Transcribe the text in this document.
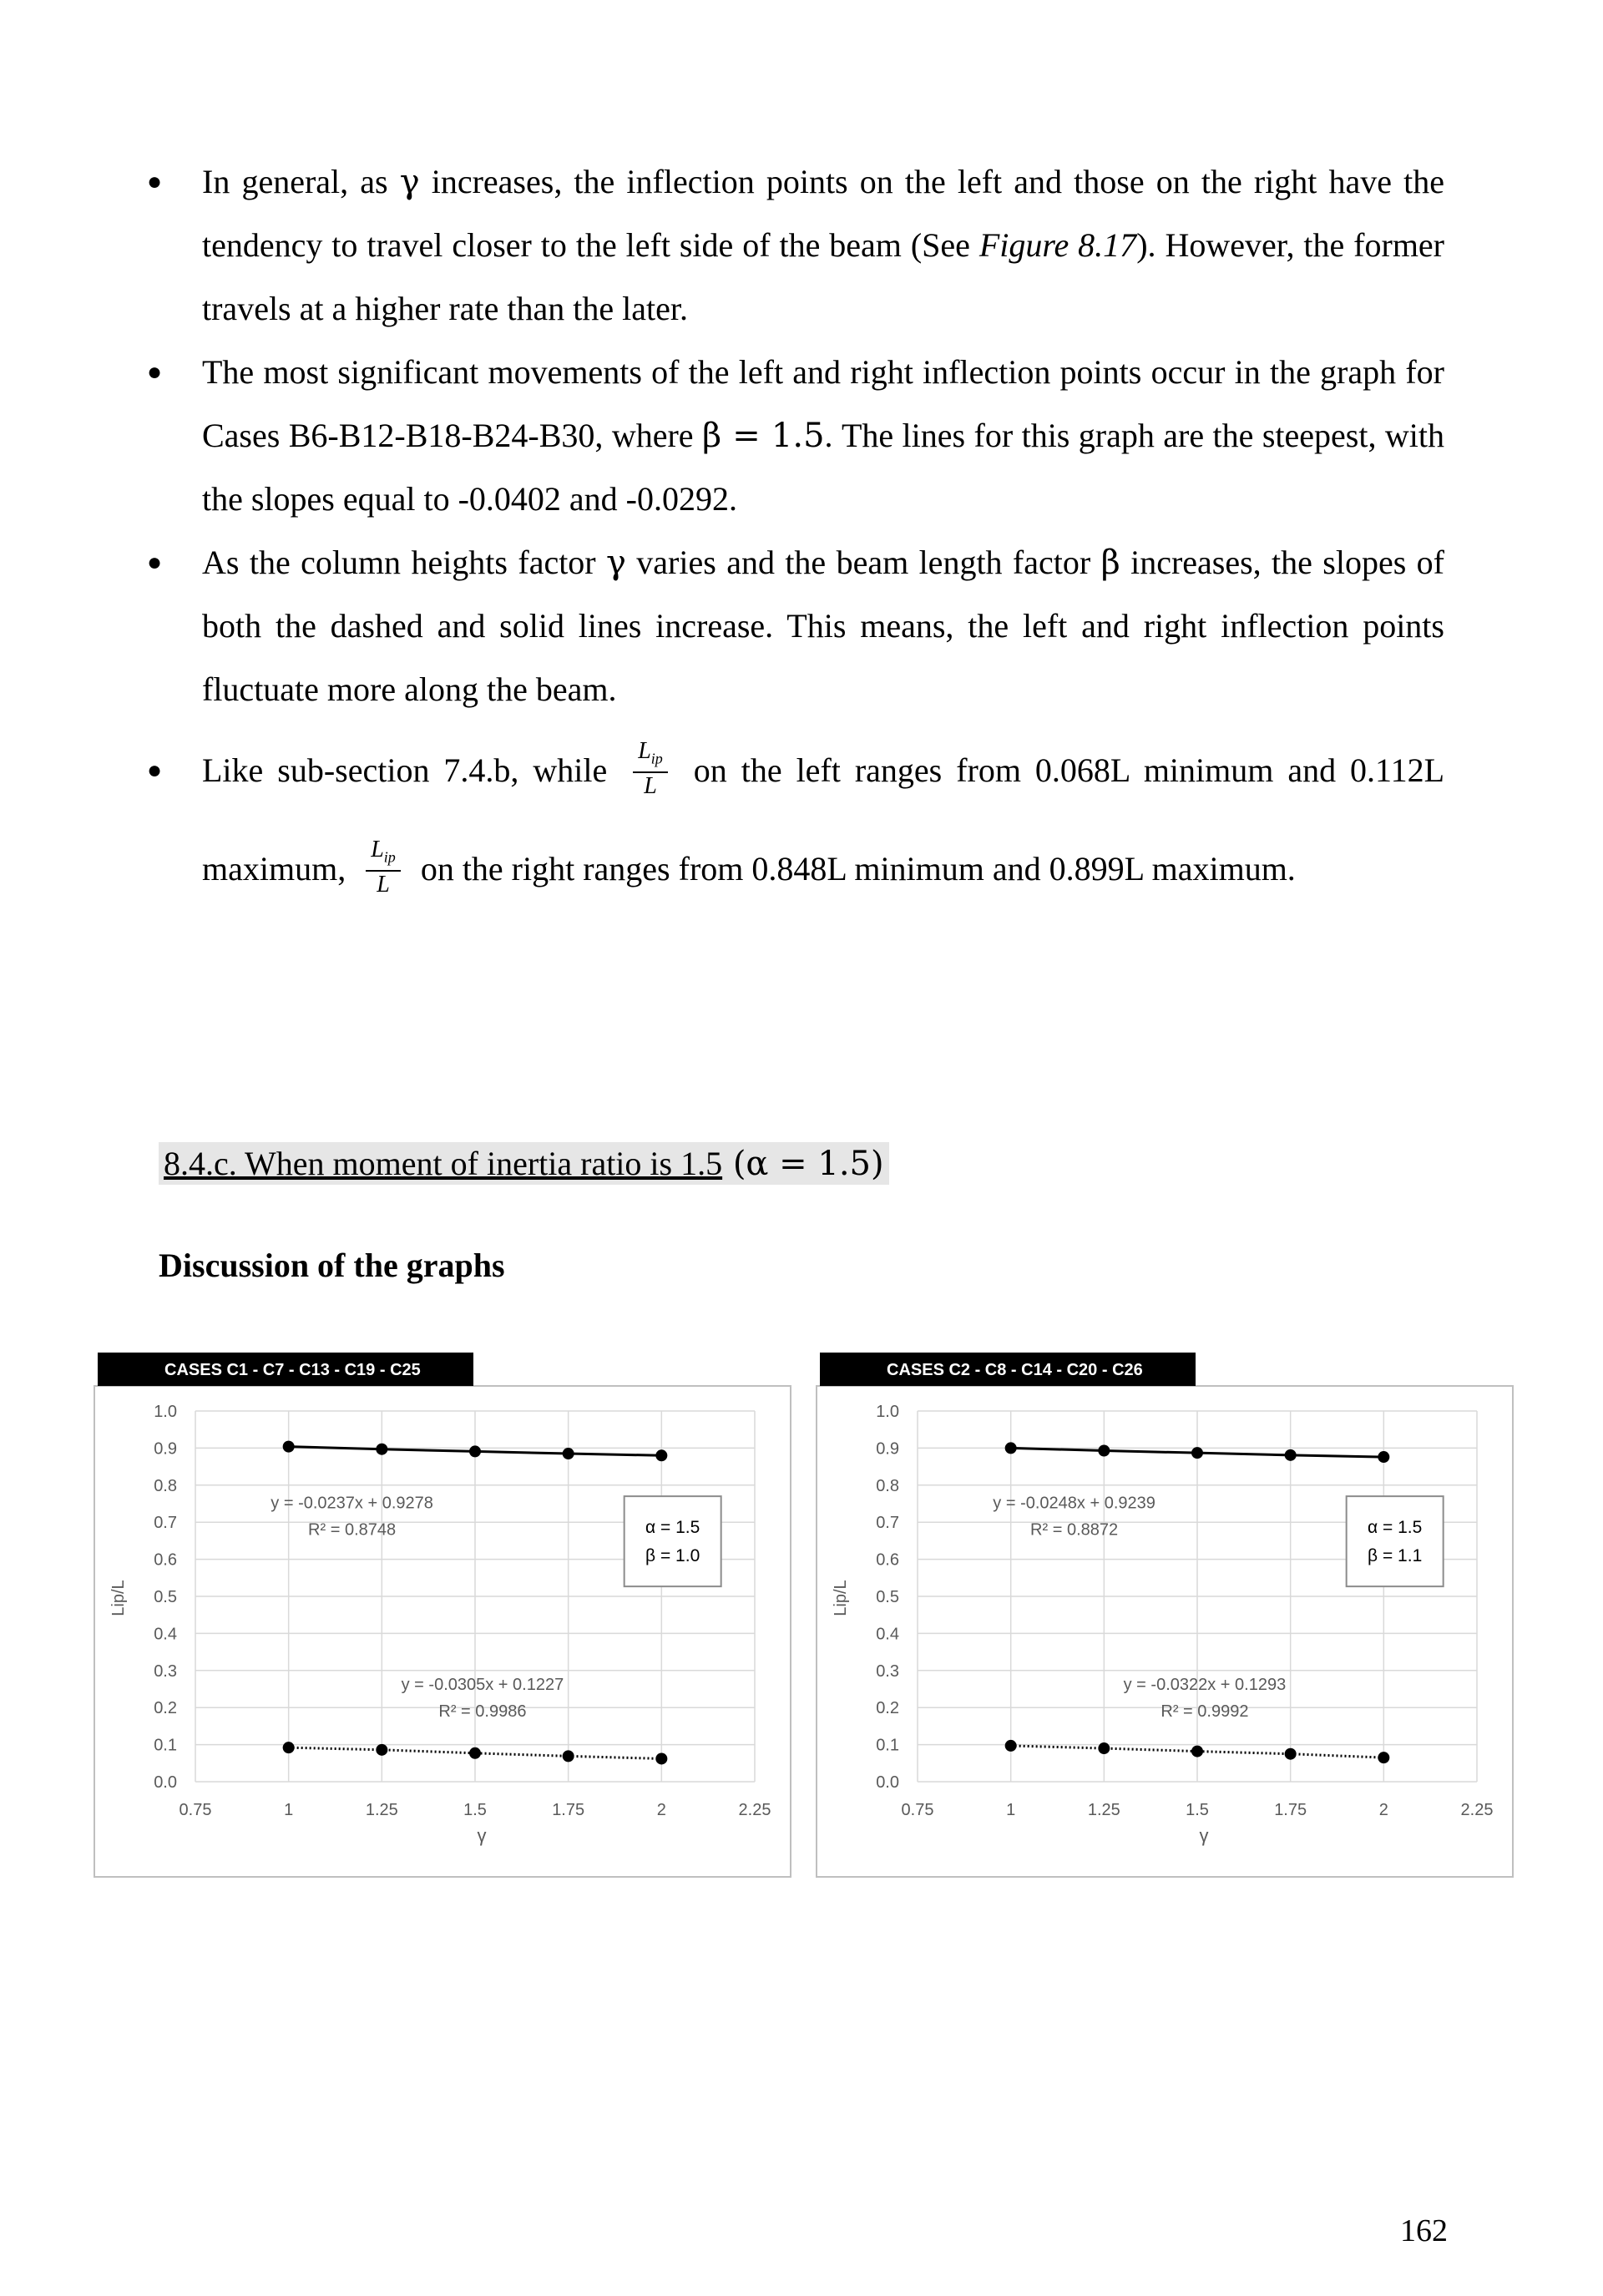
● In general, as γ increases, the inflection points on the left and those on the right have the tendency to travel closer to the left side of the beam (See Figure 8.17). However, the former travels at a higher rate than the later.
● The most significant movements of the left and right inflection points occur in the graph for Cases B6-B12-B18-B24-B30, where β = 1.5. The lines for this graph are the steepest, with the slopes equal to -0.0402 and -0.0292.
● As the column heights factor γ varies and the beam length factor β increases, the slopes of both the dashed and solid lines increase. This means, the left and right inflection points fluctuate more along the beam.
● Like sub-section 7.4.b, while $\frac{L_{ip}}{L}$ on the left ranges from 0.068L minimum and 0.112L maximum, $\frac{L_{ip}}{L}$ on the right ranges from 0.848L minimum and 0.899L maximum.
8.4.c. When moment of inertia ratio is 1.5 (α = 1.5)
Discussion of the graphs
CASES C1 - C7 - C13 - C19 - C25
0.0
0.1
0.2
0.3
0.4
0.5
0.6
0.7
0.8
0.9
1.0
0.75	1	1.25	1.5	1.75	2	2.25
γ
Lip/L
y = -0.0237x + 0.9278
R² = 0.8748
y = -0.0305x + 0.1227
R² = 0.9986
α = 1.5
β = 1.0
CASES C2 - C8 - C14 - C20 - C26
0.0
0.1
0.2
0.3
0.4
0.5
0.6
0.7
0.8
0.9
1.0
0.75	1	1.25	1.5	1.75	2	2.25
γ
Lip/L
y = -0.0248x + 0.9239
R² = 0.8872
y = -0.0322x + 0.1293
R² = 0.9992
α = 1.5
β = 1.1
162
